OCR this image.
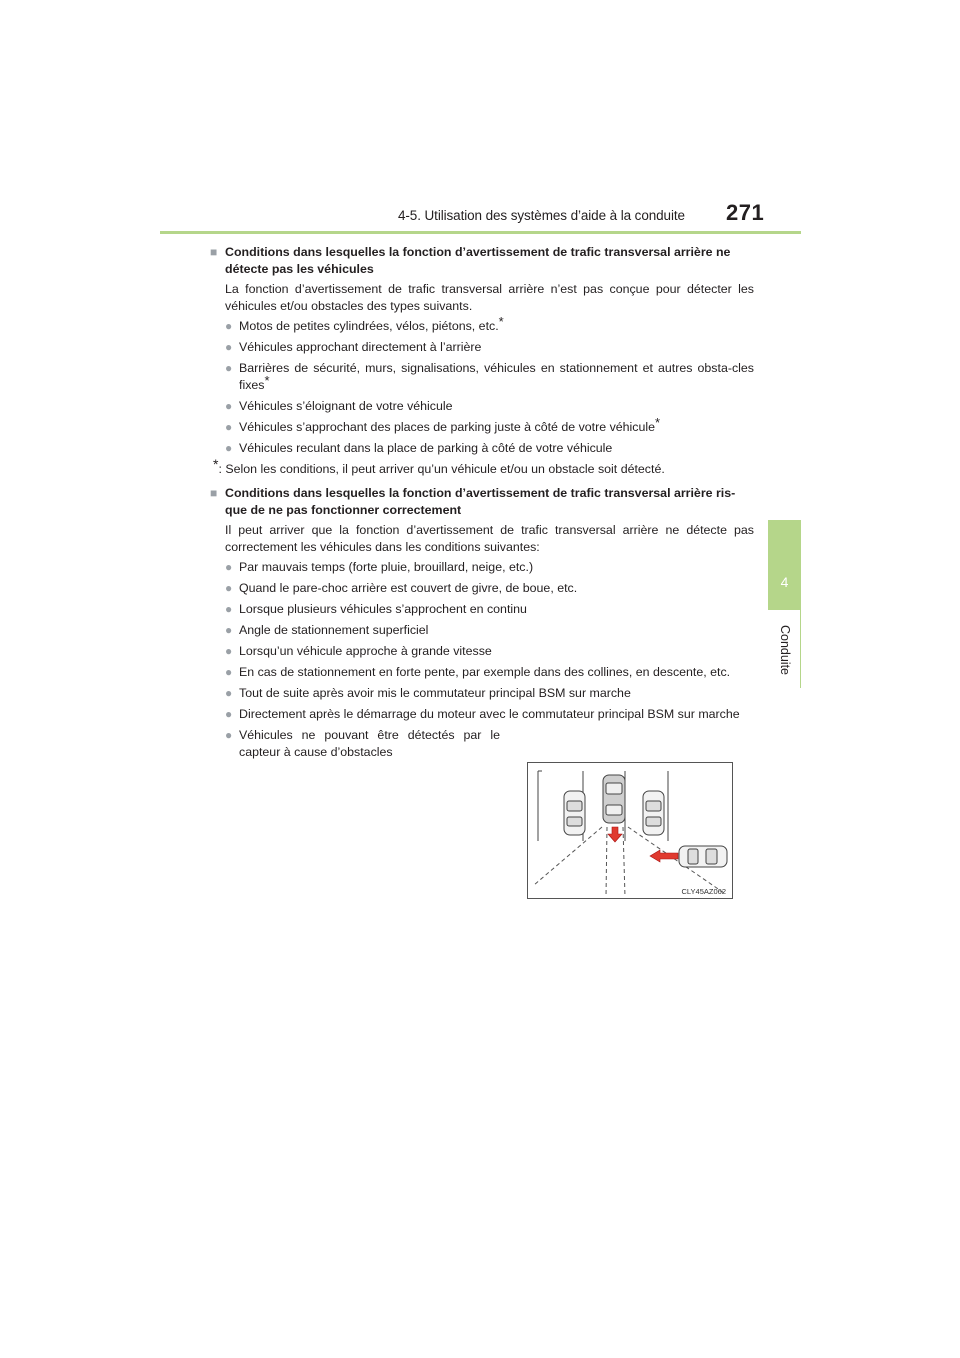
4-5. Utilisation des systèmes d’aide à la conduite 271
4
Conduite
■ Conditions dans lesquelles la fonction d’avertissement de trafic transversal arrière ne détecte pas les véhicules
La fonction d’avertissement de trafic transversal arrière n’est pas conçue pour détecter les véhicules et/ou obstacles des types suivants.
● Motos de petites cylindrées, vélos, piétons, etc.*
● Véhicules approchant directement à l’arrière
● Barrières de sécurité, murs, signalisations, véhicules en stationnement et autres obsta-cles fixes*
● Véhicules s’éloignant de votre véhicule
● Véhicules s’approchant des places de parking juste à côté de votre véhicule*
● Véhicules reculant dans la place de parking à côté de votre véhicule
*: Selon les conditions, il peut arriver qu’un véhicule et/ou un obstacle soit détecté.
■ Conditions dans lesquelles la fonction d’avertissement de trafic transversal arrière ris-que de ne pas fonctionner correctement
Il peut arriver que la fonction d’avertissement de trafic transversal arrière ne détecte pas correctement les véhicules dans les conditions suivantes:
● Par mauvais temps (forte pluie, brouillard, neige, etc.)
● Quand le pare-choc arrière est couvert de givre, de boue, etc.
● Lorsque plusieurs véhicules s’approchent en continu
● Angle de stationnement superficiel
● Lorsqu’un véhicule approche à grande vitesse
● En cas de stationnement en forte pente, par exemple dans des collines, en descente, etc.
● Tout de suite après avoir mis le commutateur principal BSM sur marche
● Directement après le démarrage du moteur avec le commutateur principal BSM sur marche
● Véhicules ne pouvant être détectés par le capteur à cause d’obstacles
CLY45AZ062
